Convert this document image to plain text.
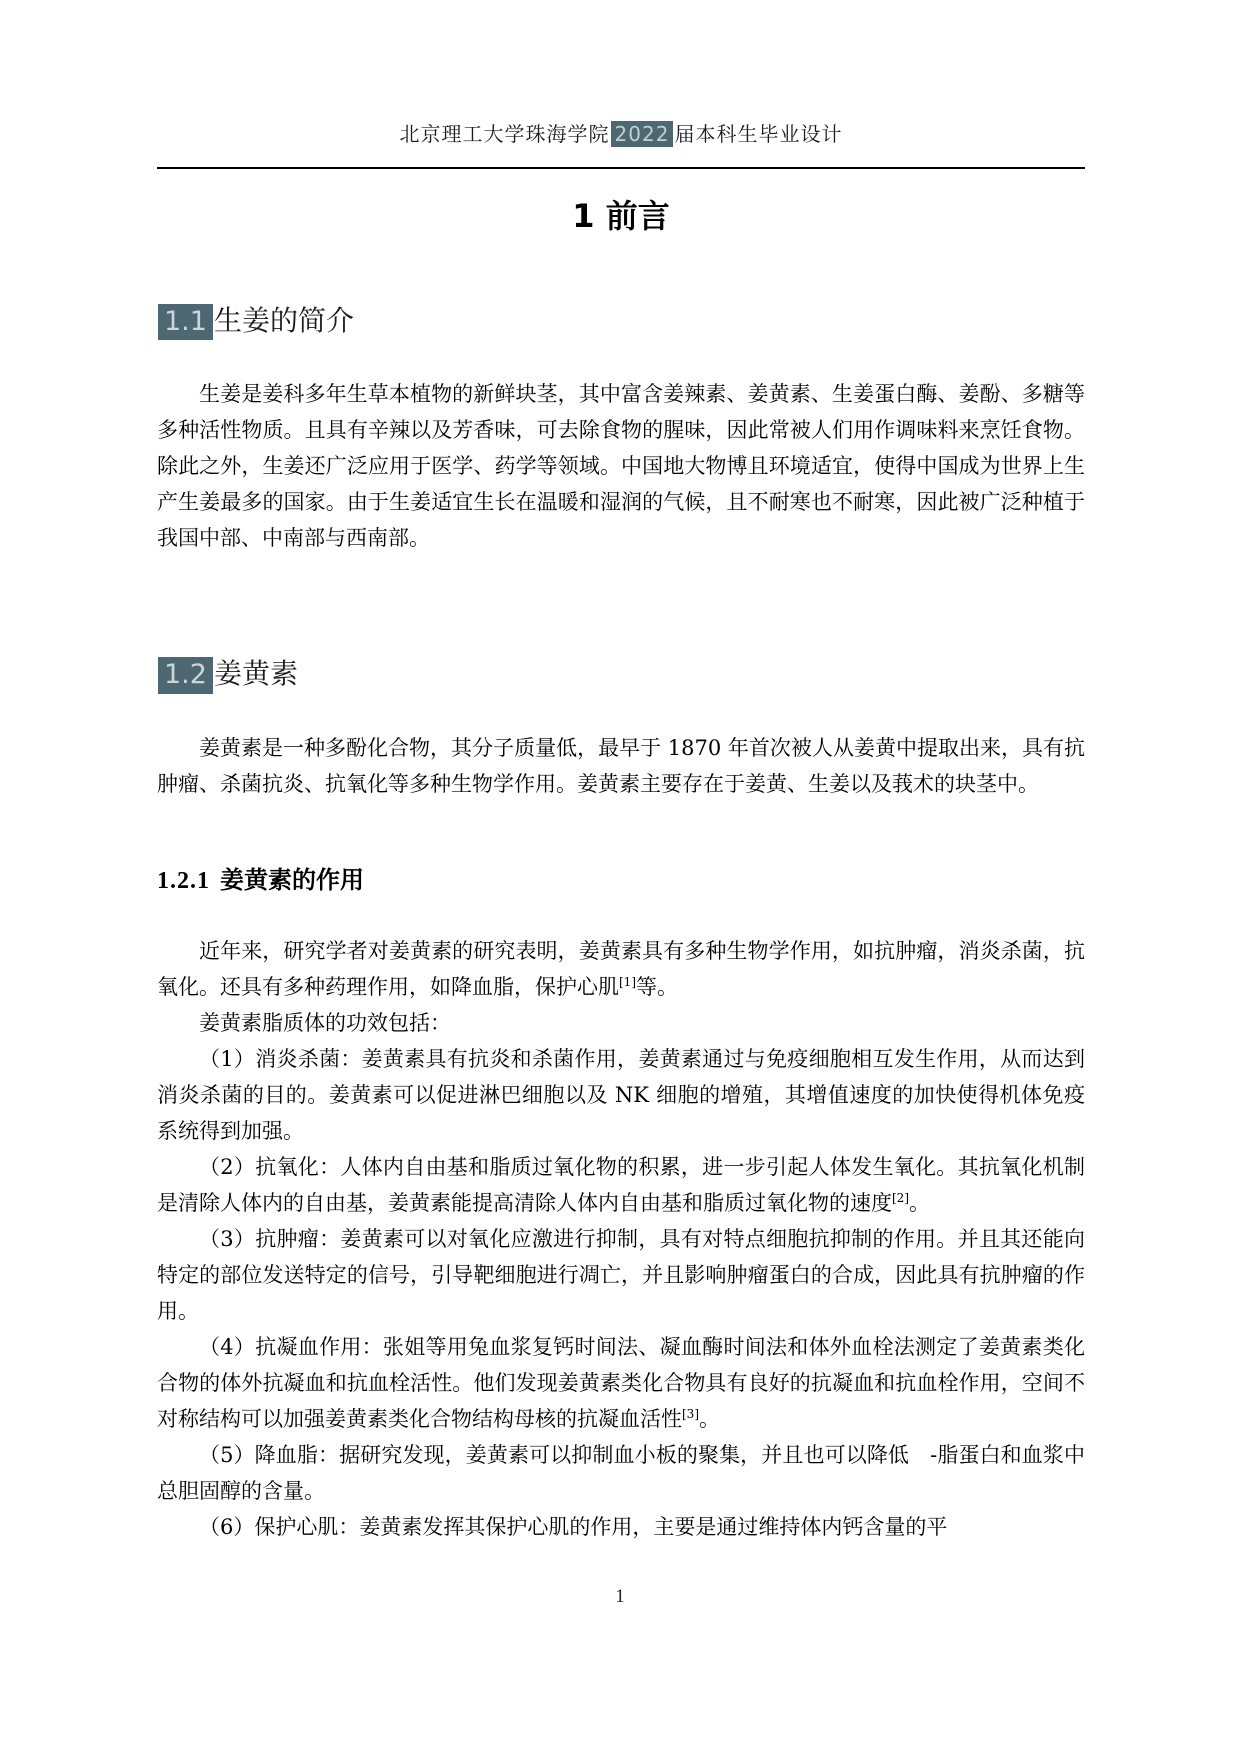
北京理工大学珠海学院 2022 届本科生毕业设计
1 前言
1.1 生姜的简介

生姜是姜科多年生草本植物的新鲜块茎，其中富含姜辣素、姜黄素、生姜蛋白酶、姜酚、多糖等多种活性物质。且具有辛辣以及芳香味，可去除食物的腥味，因此常被人们用作调味料来烹饪食物。除此之外，生姜还广泛应用于医学、药学等领域。中国地大物博且环境适宜，使得中国成为世界上生产生姜最多的国家。由于生姜适宜生长在温暖和湿润的气候，且不耐寒也不耐寒，因此被广泛种植于我国中部、中南部与西南部。

1.2 姜黄素

姜黄素是一种多酚化合物，其分子质量低，最早于 1870 年首次被人从姜黄中提取出来，具有抗肿瘤、杀菌抗炎、抗氧化等多种生物学作用。姜黄素主要存在于姜黄、生姜以及莪术的块茎中。

1.2.1 姜黄素的作用

近年来，研究学者对姜黄素的研究表明，姜黄素具有多种生物学作用，如抗肿瘤，消炎杀菌，抗氧化。还具有多种药理作用，如降血脂，保护心肌[1]等。

姜黄素脂质体的功效包括：

（1）消炎杀菌：姜黄素具有抗炎和杀菌作用，姜黄素通过与免疫细胞相互发生作用，从而达到消炎杀菌的目的。姜黄素可以促进淋巴细胞以及 NK 细胞的增殖，其增值速度的加快使得机体免疫系统得到加强。

（2）抗氧化：人体内自由基和脂质过氧化物的积累，进一步引起人体发生氧化。其抗氧化机制是清除人体内的自由基，姜黄素能提高清除人体内自由基和脂质过氧化物的速度[2]。

（3）抗肿瘤：姜黄素可以对氧化应激进行抑制，具有对特点细胞抗抑制的作用。并且其还能向特定的部位发送特定的信号，引导靶细胞进行凋亡，并且影响肿瘤蛋白的合成，因此具有抗肿瘤的作用。

（4）抗凝血作用：张姐等用兔血浆复钙时间法、凝血酶时间法和体外血栓法测定了姜黄素类化合物的体外抗凝血和抗血栓活性。他们发现姜黄素类化合物具有良好的抗凝血和抗血栓作用，空间不对称结构可以加强姜黄素类化合物结构母核的抗凝血活性[3]。

（5）降血脂：据研究发现，姜黄素可以抑制血小板的聚集，并且也可以降低　-脂蛋白和血浆中总胆固醇的含量。

（6）保护心肌：姜黄素发挥其保护心肌的作用，主要是通过维持体内钙含量的平

1
